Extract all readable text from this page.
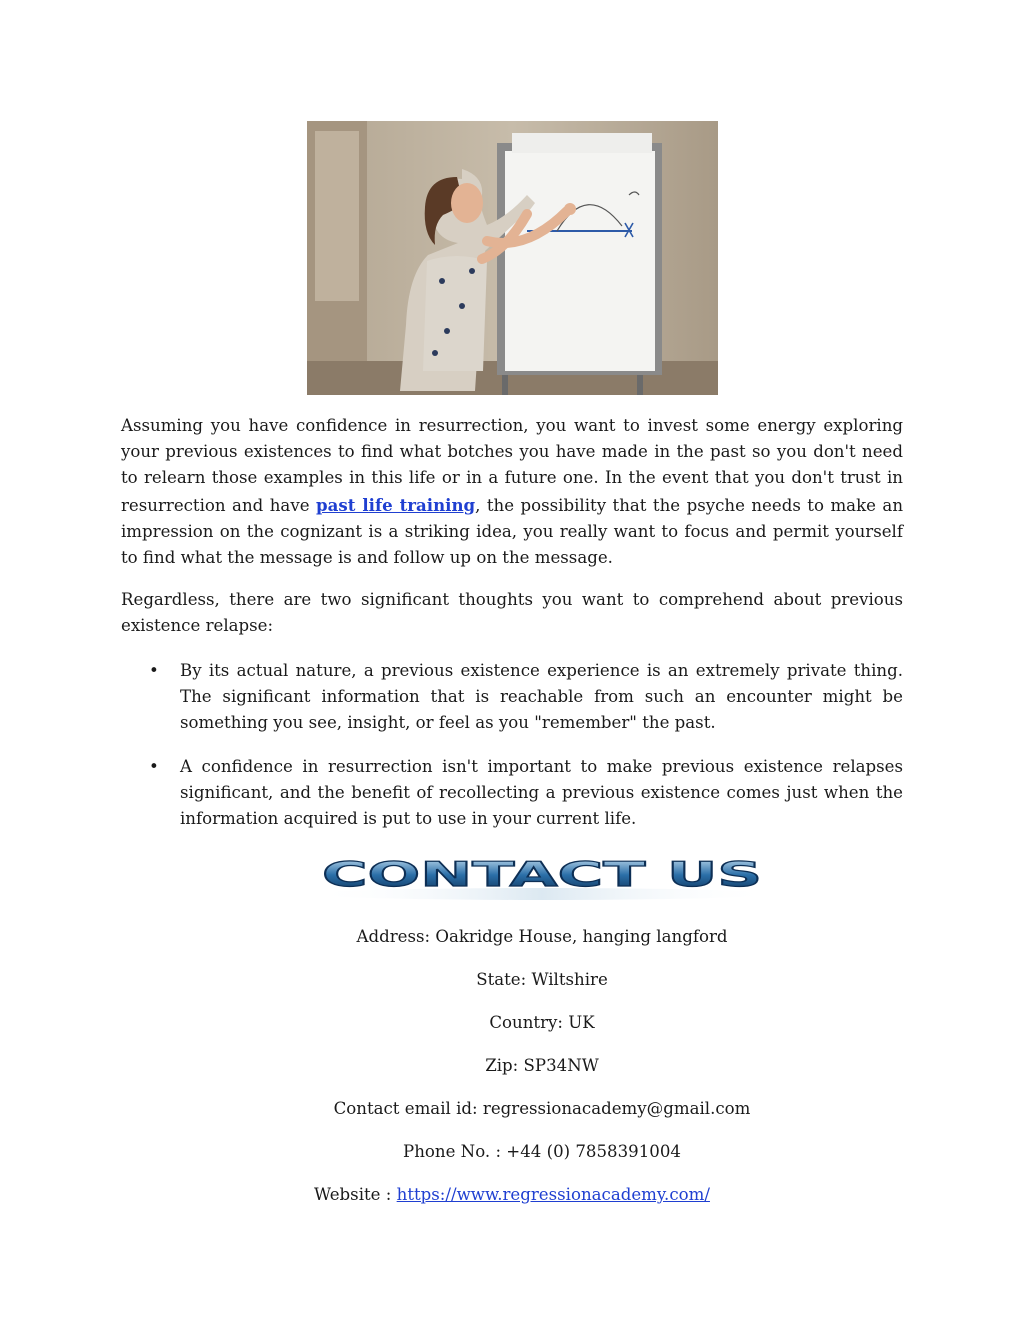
Assuming you have confidence in resurrection, you want to invest some energy exploring your previous existences to find what botches you have made in the past so you don't need to relearn those examples in this life or in a future one. In the event that you don't trust in resurrection and have past life training, the possibility that the psyche needs to make an impression on the cognizant is a striking idea, you really want to focus and permit yourself to find what the message is and follow up on the message.

Regardless, there are two significant thoughts you want to comprehend about previous existence relapse:

• By its actual nature, a previous existence experience is an extremely private thing. The significant information that is reachable from such an encounter might be something you see, insight, or feel as you "remember" the past.
• A confidence in resurrection isn't important to make previous existence relapses significant, and the benefit of recollecting a previous existence comes just when the information acquired is put to use in your current life.
CONTACT US

Address: Oakridge House, hanging langford

State: Wiltshire

Country: UK

Zip: SP34NW

Contact email id: regressionacademy@gmail.com

Phone No. : +44 (0) 7858391004

Website : https://www.regressionacademy.com/
